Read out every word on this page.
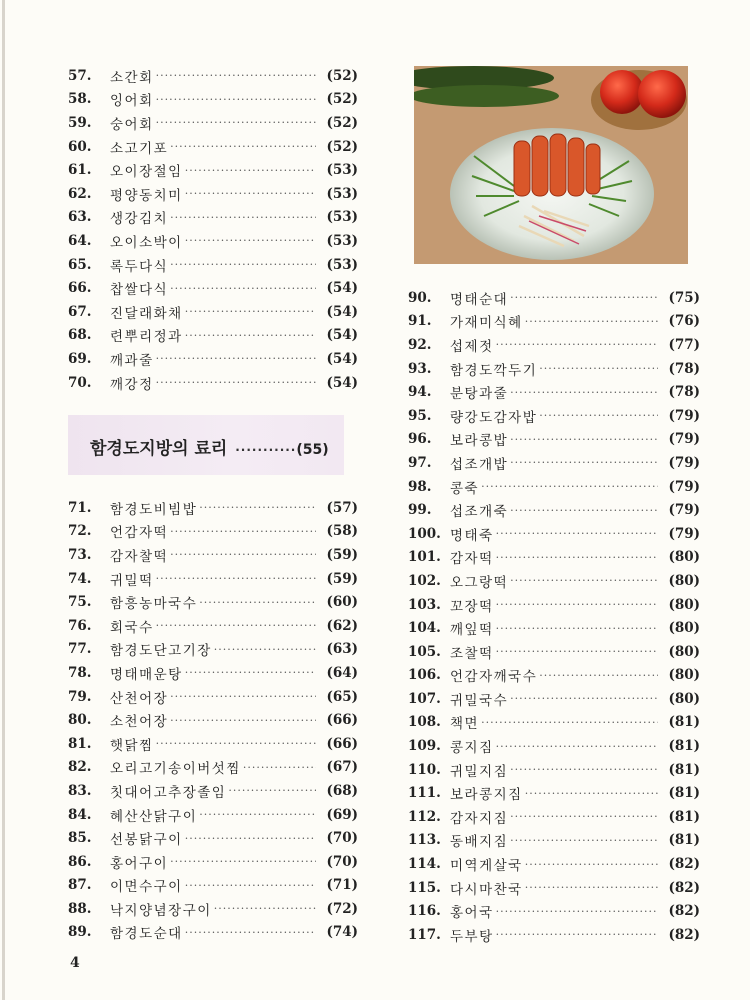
57.	소간회 ·····	(52)
58.	잉어회 ·····	(52)
59.	숭어회 ·····	(52)
60.	소고기포 ·····	(52)
61.	오이장절임 ·····	(53)
62.	평양동치미 ·····	(53)
63.	생강김치 ·····	(53)
64.	오이소박이 ·····	(53)
65.	록두다식 ·····	(53)
66.	찹쌀다식 ·····	(54)
67.	진달래화채 ·····	(54)
68.	련뿌리정과 ·····	(54)
69.	깨과줄 ·····	(54)
70.	깨강정 ·····	(54)
함경도지방의 료리 ···········(55)
71.	함경도비빔밥 ·····	(57)
72.	언감자떡 ·····	(58)
73.	감자찰떡 ·····	(59)
74.	귀밀떡 ·····	(59)
75.	함흥농마국수 ·····	(60)
76.	회국수 ·····	(62)
77.	함경도단고기장 ·····	(63)
78.	명태매운탕 ·····	(64)
79.	산천어장 ·····	(65)
80.	소천어장 ·····	(66)
81.	햇닭찜 ·····	(66)
82.	오리고기송이버섯찜 ·····	(67)
83.	칫대어고추장졸임 ·····	(68)
84.	혜산산닭구이 ·····	(69)
85.	선봉닭구이 ·····	(70)
86.	홍어구이 ·····	(70)
87.	이면수구이 ·····	(71)
88.	낙지양념장구이 ·····	(72)
89.	함경도순대 ·····	(74)
90.	명태순대 ·····	(75)
91.	가재미식혜 ·····	(76)
92.	섭제젓 ·····	(77)
93.	함경도깍두기 ·····	(78)
94.	분탕과줄 ·····	(78)
95.	량강도감자밥 ·····	(79)
96.	보라콩밥 ·····	(79)
97.	섭조개밥 ·····	(79)
98.	콩죽 ·····	(79)
99.	섭조개죽 ·····	(79)
100. 명태죽 ·····	(79)
101. 감자떡 ·····	(80)
102. 오그랑떡 ·····	(80)
103. 꼬장떡 ·····	(80)
104. 깨잎떡 ·····	(80)
105. 조찰떡 ·····	(80)
106. 언감자깨국수 ·····	(80)
107. 귀밀국수 ·····	(80)
108. 책면 ·····	(81)
109. 콩지짐 ·····	(81)
110. 귀밀지짐 ·····	(81)
111. 보라콩지짐 ·····	(81)
112. 감자지짐 ·····	(81)
113. 동배지짐 ·····	(81)
114. 미역게살국 ·····	(82)
115. 다시마찬국 ·····	(82)
116. 홍어국 ·····	(82)
117. 두부탕 ·····	(82)
4
